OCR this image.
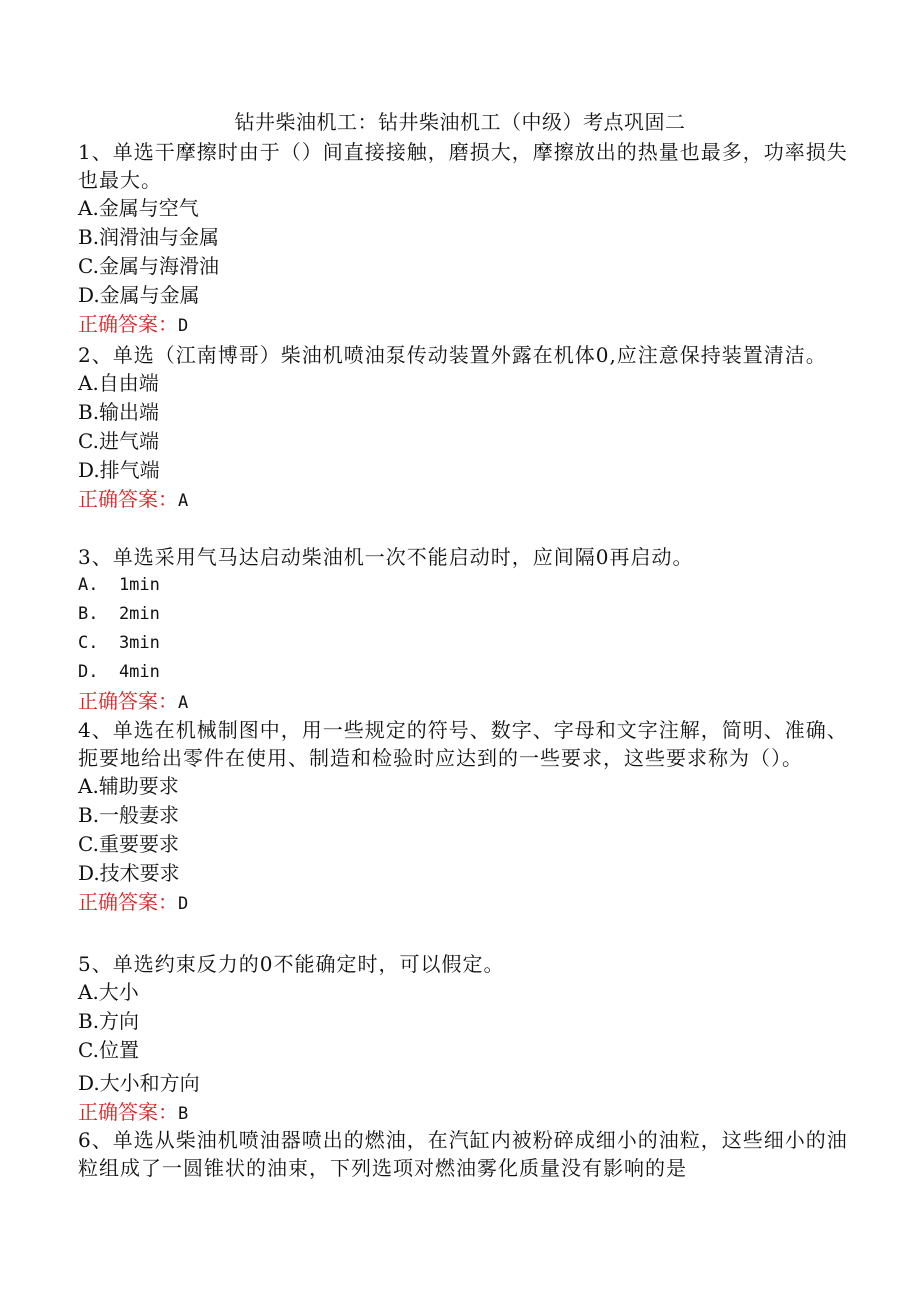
钻井柴油机工：钻井柴油机工（中级）考点巩固二

1、单选干摩擦时由于（）间直接接触，磨损大，摩擦放出的热量也最多，功率损失也最大。

A.金属与空气

B.润滑油与金属

C.金属与海滑油

D.金属与金属

正确答案：D

2、单选（江南博哥）柴油机喷油泵传动装置外露在机体0,应注意保持装置清洁。

A.自由端

B.输出端

C.进气端

D.排气端

正确答案：A

3、单选采用气马达启动柴油机一次不能启动时，应间隔0再启动。

A.  1min

B.  2min

C.  3min

D.  4min

正确答案：A

4、单选在机械制图中，用一些规定的符号、数字、字母和文字注解，简明、准确、扼要地给出零件在使用、制造和检验时应达到的一些要求，这些要求称为（）。

A.辅助要求

B.一般妻求

C.重要要求

D.技术要求

正确答案：D

5、单选约束反力的0不能确定时，可以假定。

A.大小

B.方向

C.位置

D.大小和方向

正确答案：B

6、单选从柴油机喷油器喷出的燃油，在汽缸内被粉碎成细小的油粒，这些细小的油粒组成了一圆锥状的油束，下列选项对燃油雾化质量没有影响的是
